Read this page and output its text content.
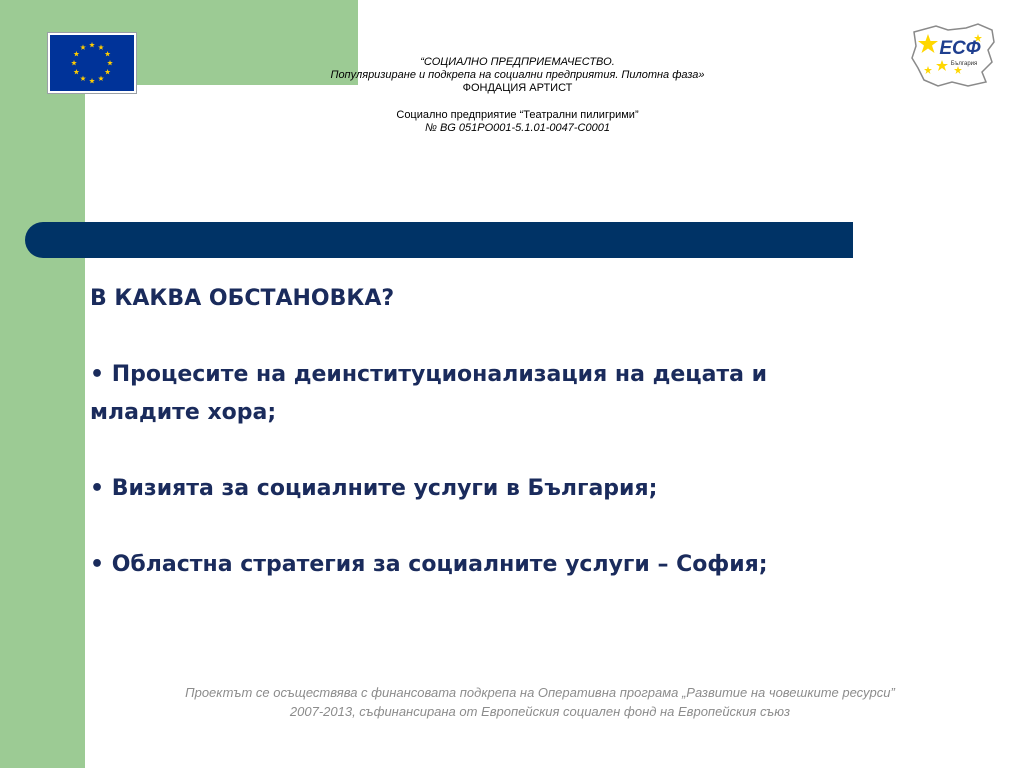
“СОЦИАЛНО ПРЕДПРИЕМАЧЕСТВО.
Популяризиране и подкрепа на социални предприятия. Пилотна фаза»
ФОНДАЦИЯ АРТИСТ
Социално предприятие “Театрални пилигрими”
№ BG 051PO001-5.1.01-0047-C0001
ЕСФ
България
В КАКВА ОБСТАНОВКА?
• Процесите на деинституционализация на децата и
младите хора;
• Визията за социалните услуги в България;
• Областна стратегия за социалните услуги – София;
Проектът се осъществява с финансовата подкрепа на Оперативна програма „Развитие на човешките ресурси”
2007-2013, съфинансирана от Европейския социален фонд на Европейския съюз
